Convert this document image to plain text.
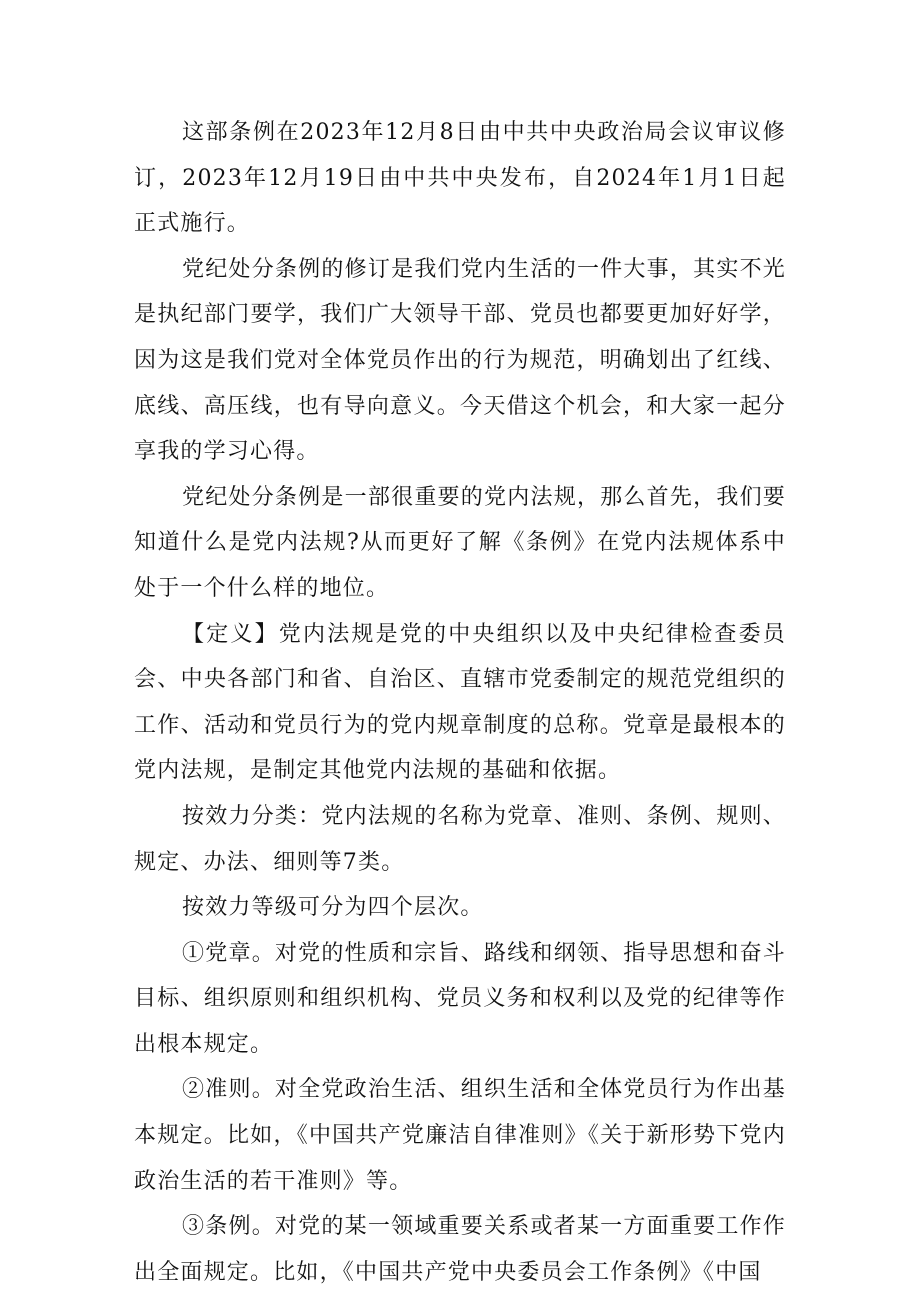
这部条例在2023年12月8日由中共中央政治局会议审议修订，2023年12月19日由中共中央发布，自2024年1月1日起正式施行。

党纪处分条例的修订是我们党内生活的一件大事，其实不光是执纪部门要学，我们广大领导干部、党员也都要更加好好学，因为这是我们党对全体党员作出的行为规范，明确划出了红线、底线、高压线，也有导向意义。今天借这个机会，和大家一起分享我的学习心得。

党纪处分条例是一部很重要的党内法规，那么首先，我们要知道什么是党内法规?从而更好了解《条例》在党内法规体系中处于一个什么样的地位。

【定义】党内法规是党的中央组织以及中央纪律检查委员会、中央各部门和省、自治区、直辖市党委制定的规范党组织的工作、活动和党员行为的党内规章制度的总称。党章是最根本的党内法规，是制定其他党内法规的基础和依据。

按效力分类：党内法规的名称为党章、准则、条例、规则、规定、办法、细则等7类。

按效力等级可分为四个层次。

①党章。对党的性质和宗旨、路线和纲领、指导思想和奋斗目标、组织原则和组织机构、党员义务和权利以及党的纪律等作出根本规定。

②准则。对全党政治生活、组织生活和全体党员行为作出基本规定。比如，《中国共产党廉洁自律准则》《关于新形势下党内政治生活的若干准则》等。

③条例。对党的某一领域重要关系或者某一方面重要工作作出全面规定。比如，《中国共产党中央委员会工作条例》《中国
